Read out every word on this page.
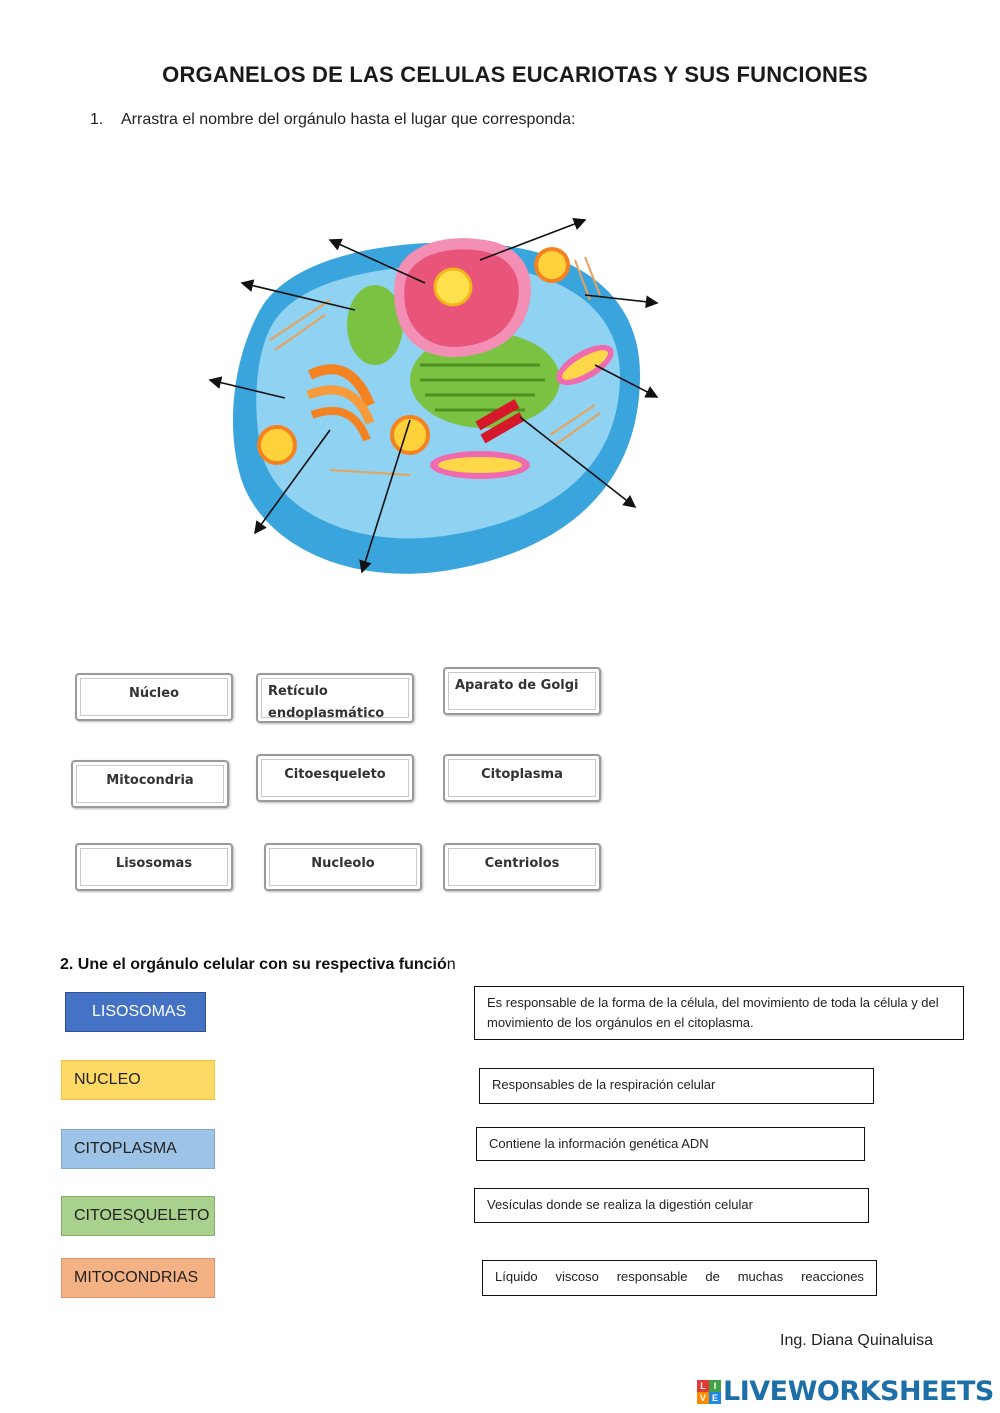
ORGANELOS DE LAS CELULAS EUCARIOTAS Y SUS FUNCIONES
1. Arrastra el nombre del orgánulo hasta el lugar que corresponda:
Núcleo	Retículo endoplasmático
Aparato de Golgi
Mitocondria	Citoesqueleto	Citoplasma
Lisosomas	Nucleolo	Centriolos
2. Une el orgánulo celular con su respectiva función
LISOSOMAS
NUCLEO
CITOPLASMA
CITOESQUELETO
MITOCONDRIAS
Es responsable de la forma de la célula, del movimiento de toda la célula y del movimiento de los orgánulos en el citoplasma.
Responsables de la respiración celular
Contiene la información genética ADN
Vesículas donde se realiza la digestión celular
Líquido viscoso responsable de muchas reacciones
Ing. Diana Quinaluisa
L I
V E LIVEWORKSHEETS
